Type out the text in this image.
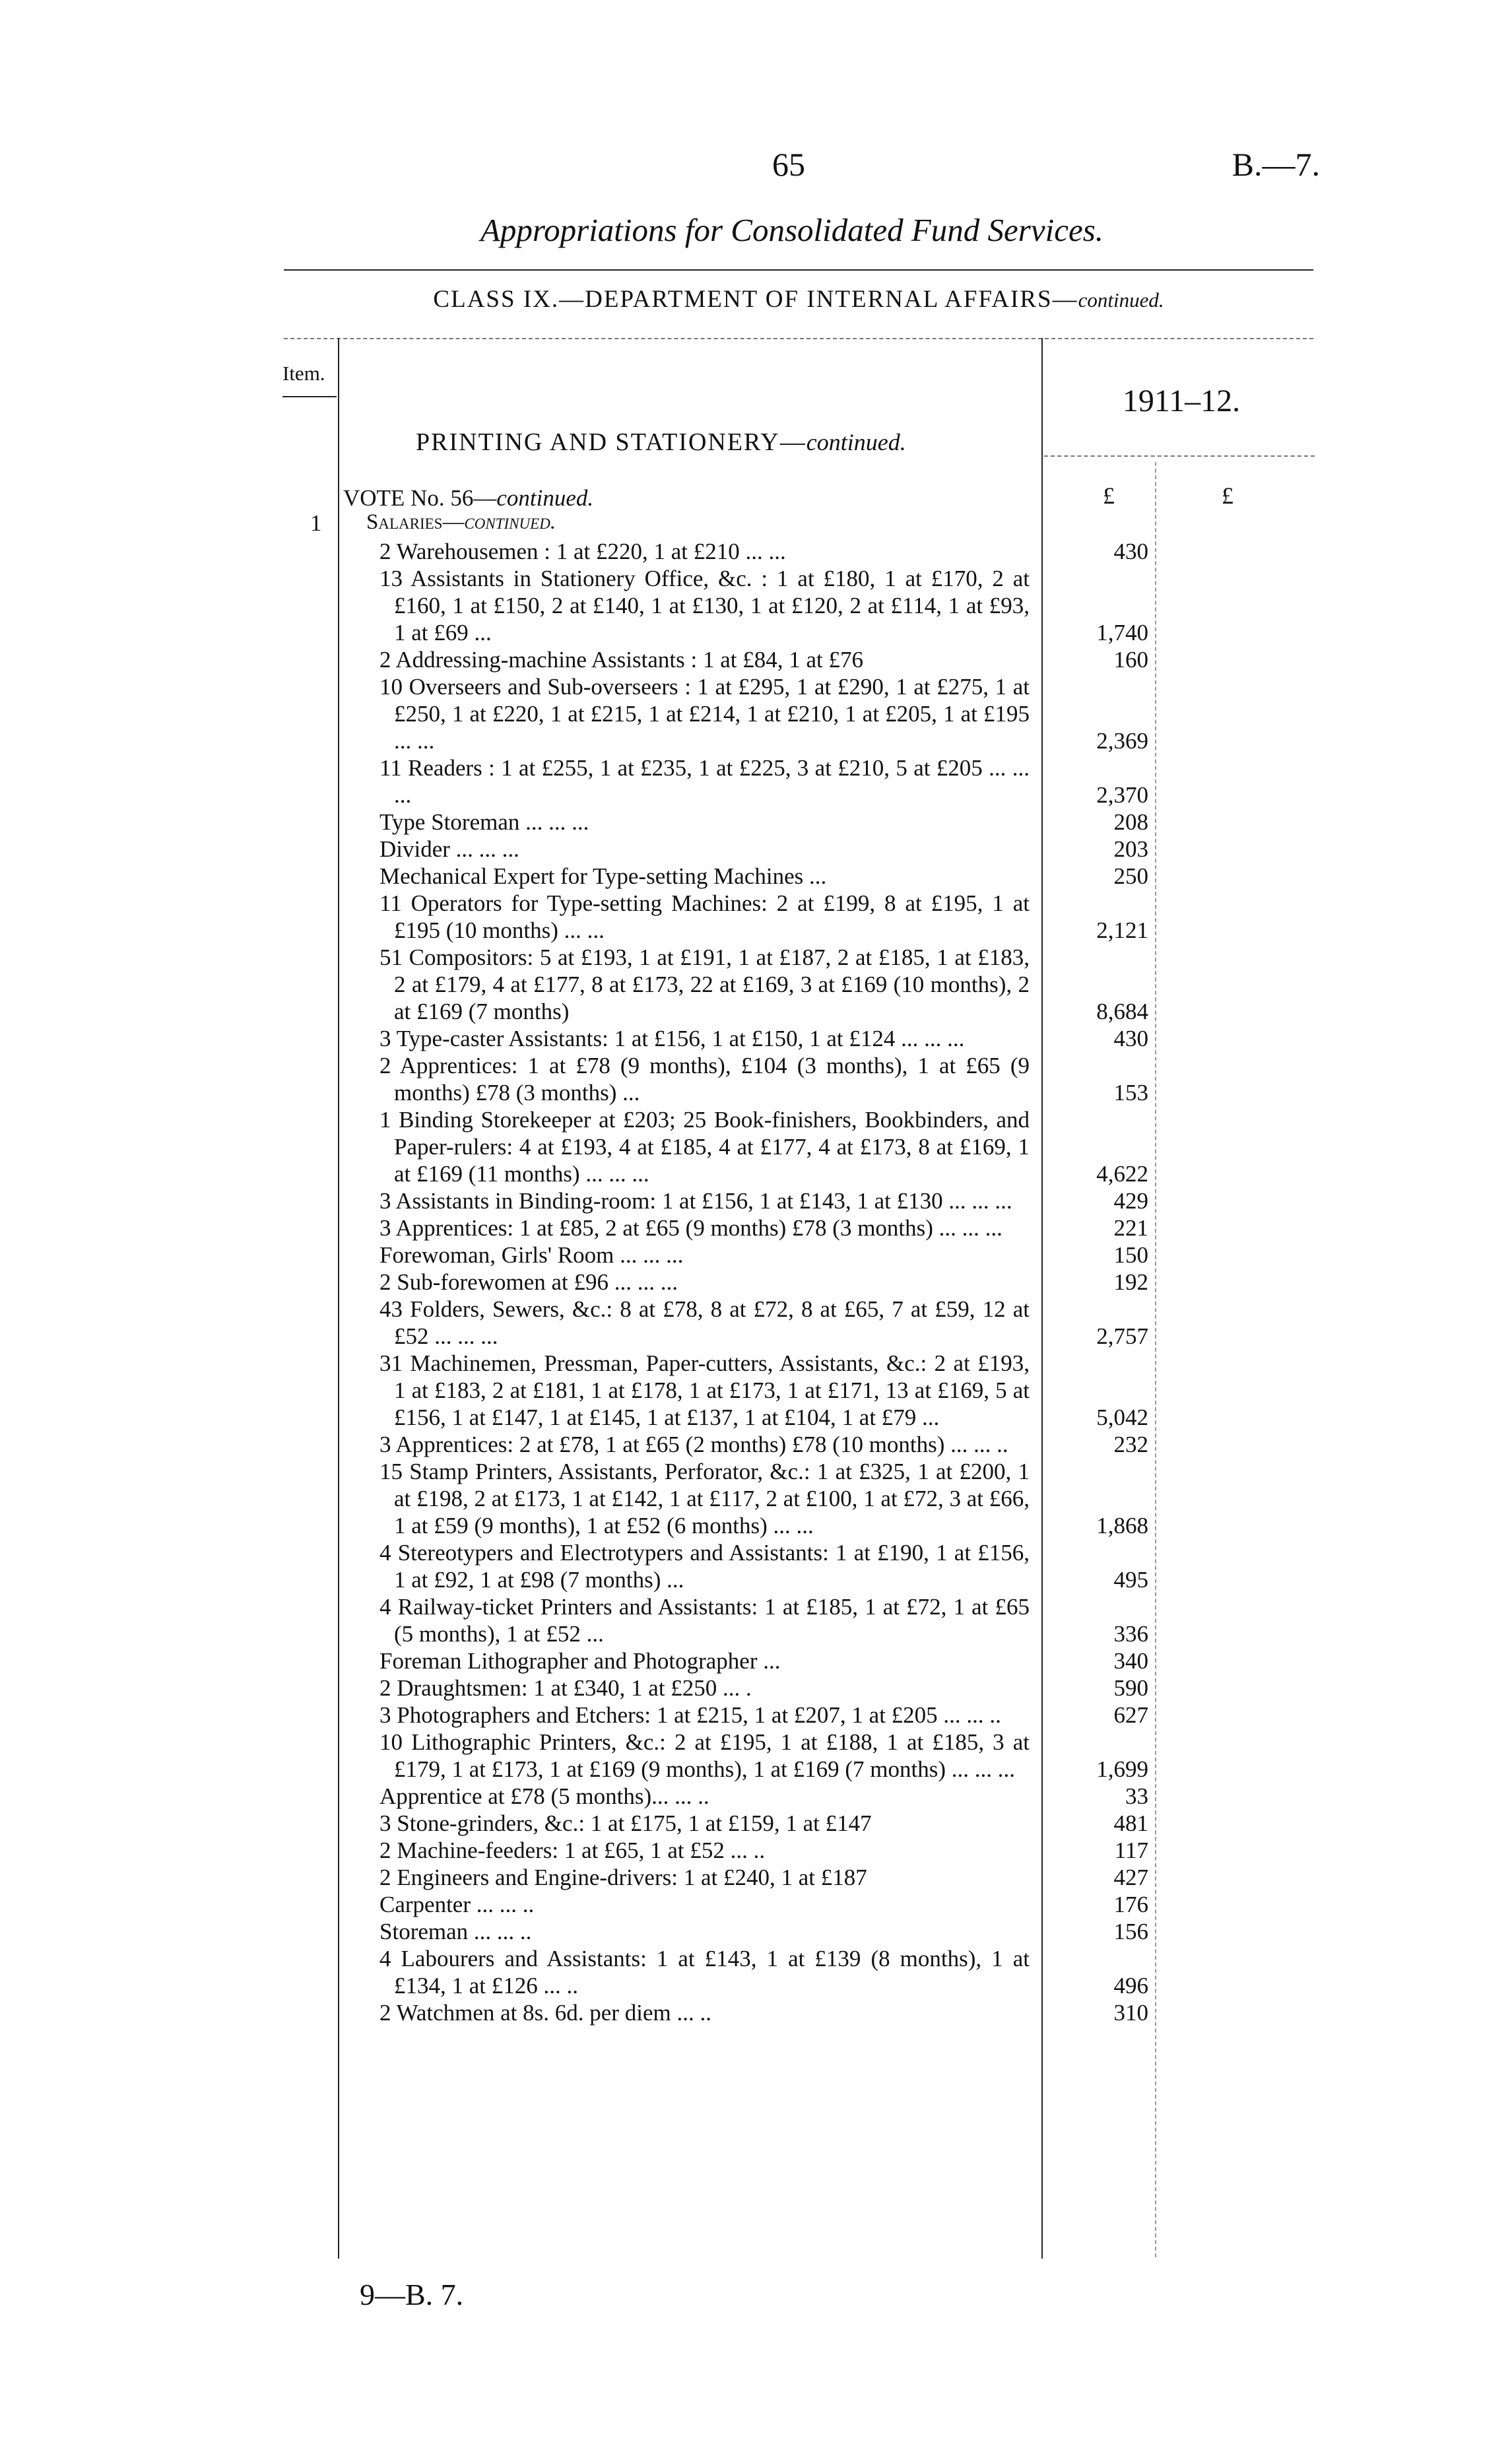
65	B.—7.
Appropriations for Consolidated Fund Services.
CLASS IX.—DEPARTMENT OF INTERNAL AFFAIRS—continued.
Item.
1911–12.
PRINTING AND STATIONERY—continued.
£	£
VOTE No. 56—continued.
1 Salaries—continued.
2 Warehousemen : 1 at £220, 1 at £210 ... ...	430
13 Assistants in Stationery Office, &c. : 1 at £180, 1 at £170, 2 at £160, 1 at £150, 2 at £140, 1 at £130, 1 at £120, 2 at £114, 1 at £93, 1 at £69 ...	1,740
2 Addressing-machine Assistants : 1 at £84, 1 at £76	160
10 Overseers and Sub-overseers : 1 at £295, 1 at £290, 1 at £275, 1 at £250, 1 at £220, 1 at £215, 1 at £214, 1 at £210, 1 at £205, 1 at £195 ... ...	2,369
11 Readers : 1 at £255, 1 at £235, 1 at £225, 3 at £210, 5 at £205 ... ... ...	2,370
Type Storeman ... ... ...	208
Divider ... ... ...	203
Mechanical Expert for Type-setting Machines ...	250
11 Operators for Type-setting Machines: 2 at £199, 8 at £195, 1 at £195 (10 months) ... ...	2,121
51 Compositors: 5 at £193, 1 at £191, 1 at £187, 2 at £185, 1 at £183, 2 at £179, 4 at £177, 8 at £173, 22 at £169, 3 at £169 (10 months), 2 at £169 (7 months)	8,684
3 Type-caster Assistants: 1 at £156, 1 at £150, 1 at £124 ... ... ...	430
2 Apprentices: 1 at £78 (9 months), £104 (3 months), 1 at £65 (9 months) £78 (3 months) ...	153
1 Binding Storekeeper at £203; 25 Book-finishers, Bookbinders, and Paper-rulers: 4 at £193, 4 at £185, 4 at £177, 4 at £173, 8 at £169, 1 at £169 (11 months) ... ... ...	4,622
3 Assistants in Binding-room: 1 at £156, 1 at £143, 1 at £130 ... ... ...	429
3 Apprentices: 1 at £85, 2 at £65 (9 months) £78 (3 months) ... ... ...	221
Forewoman, Girls' Room ... ... ...	150
2 Sub-forewomen at £96 ... ... ...	192
43 Folders, Sewers, &c.: 8 at £78, 8 at £72, 8 at £65, 7 at £59, 12 at £52 ... ... ...	2,757
31 Machinemen, Pressman, Paper-cutters, Assistants, &c.: 2 at £193, 1 at £183, 2 at £181, 1 at £178, 1 at £173, 1 at £171, 13 at £169, 5 at £156, 1 at £147, 1 at £145, 1 at £137, 1 at £104, 1 at £79 ...	5,042
3 Apprentices: 2 at £78, 1 at £65 (2 months) £78 (10 months) ... ... ..	232
15 Stamp Printers, Assistants, Perforator, &c.: 1 at £325, 1 at £200, 1 at £198, 2 at £173, 1 at £142, 1 at £117, 2 at £100, 1 at £72, 3 at £66, 1 at £59 (9 months), 1 at £52 (6 months) ... ...	1,868
4 Stereotypers and Electrotypers and Assistants: 1 at £190, 1 at £156, 1 at £92, 1 at £98 (7 months) ...	495
4 Railway-ticket Printers and Assistants: 1 at £185, 1 at £72, 1 at £65 (5 months), 1 at £52 ...	336
Foreman Lithographer and Photographer ...	340
2 Draughtsmen: 1 at £340, 1 at £250 ... .	590
3 Photographers and Etchers: 1 at £215, 1 at £207, 1 at £205 ... ... ..	627
10 Lithographic Printers, &c.: 2 at £195, 1 at £188, 1 at £185, 3 at £179, 1 at £173, 1 at £169 (9 months), 1 at £169 (7 months) ... ... ...	1,699
Apprentice at £78 (5 months)... ... ..	33
3 Stone-grinders, &c.: 1 at £175, 1 at £159, 1 at £147	481
2 Machine-feeders: 1 at £65, 1 at £52 ... ..	117
2 Engineers and Engine-drivers: 1 at £240, 1 at £187	427
Carpenter ... ... ..	176
Storeman ... ... ..	156
4 Labourers and Assistants: 1 at £143, 1 at £139 (8 months), 1 at £134, 1 at £126 ... ..	496
2 Watchmen at 8s. 6d. per diem ... ..	310
9—B. 7.
